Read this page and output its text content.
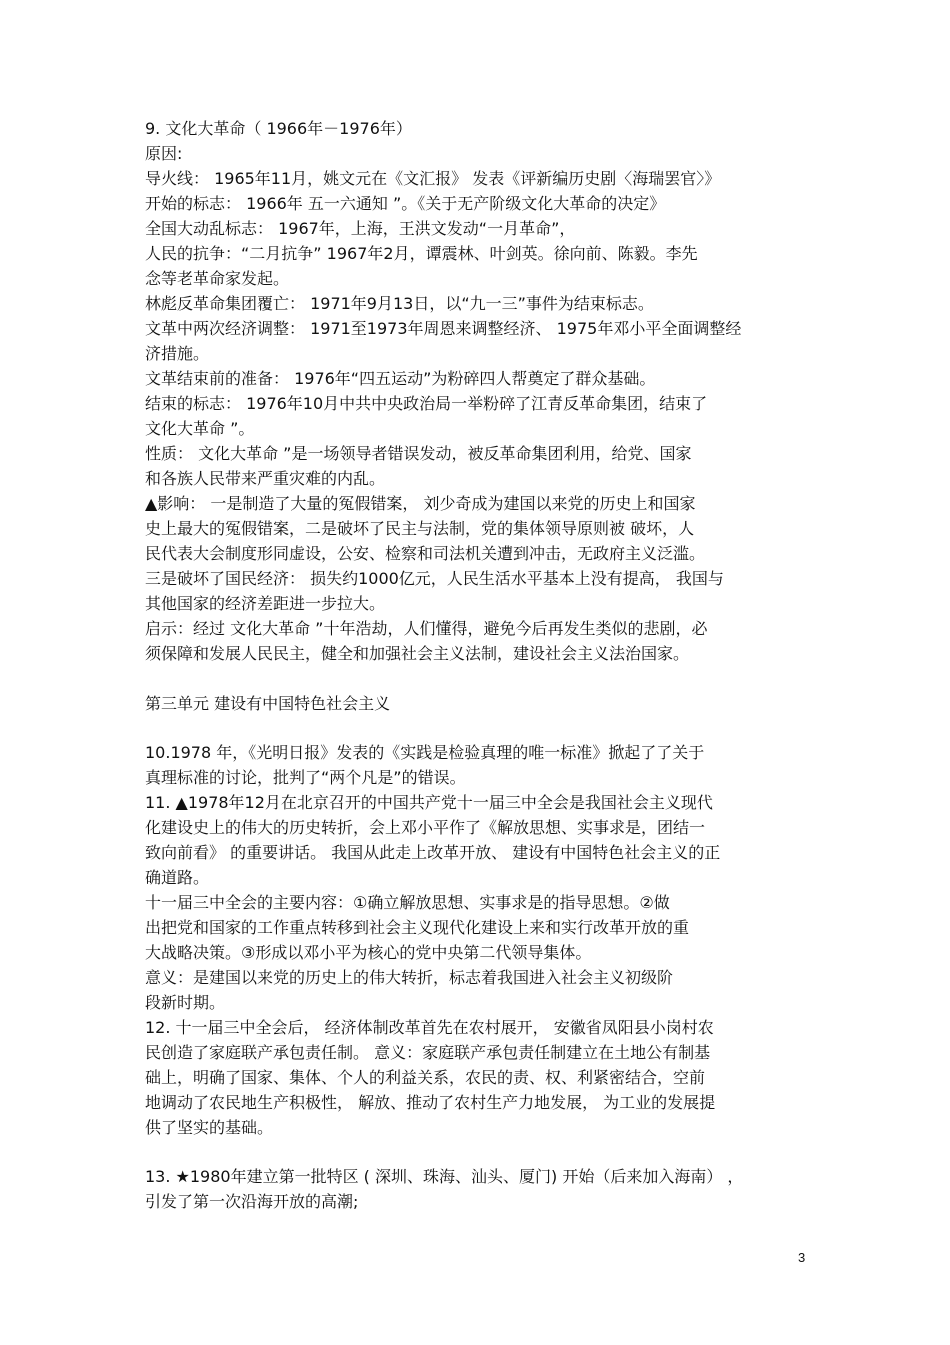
9. 文化大革命（ 1966年－1976年）
原因:
导火线： 1965年11月，姚文元在《文汇报》 发表《评新编历史剧〈海瑞罢官〉》
开始的标志： 1966年 五一六通知 ”。《关于无产阶级文化大革命的决定》
全国大动乱标志： 1967年，上海，王洪文发动“一月革命”，
人民的抗争：“二月抗争” 1967年2月，谭震林、叶剑英。徐向前、陈毅。李先
念等老革命家发起。
林彪反革命集团覆亡： 1971年9月13日，以“九一三”事件为结束标志。
文革中两次经济调整： 1971至1973年周恩来调整经济、 1975年邓小平全面调整经
济措施。
文革结束前的准备： 1976年“四五运动”为粉碎四人帮奠定了群众基础。
结束的标志： 1976年10月中共中央政治局一举粉碎了江青反革命集团，结束了
文化大革命 ”。
性质： 文化大革命 ”是一场领导者错误发动，被反革命集团利用，给党、国家
和各族人民带来严重灾难的内乱。
▲影响： 一是制造了大量的冤假错案， 刘少奇成为建国以来党的历史上和国家
史上最大的冤假错案，二是破坏了民主与法制，党的集体领导原则被 破坏，人
民代表大会制度形同虚设，公安、检察和司法机关遭到冲击，无政府主义泛滥。
三是破坏了国民经济： 损失约1000亿元，人民生活水平基本上没有提高， 我国与
其他国家的经济差距进一步拉大。
启示：经过 文化大革命 ”十年浩劫，人们懂得，避免今后再发生类似的悲剧，必
须保障和发展人民民主，健全和加强社会主义法制，建设社会主义法治国家。
第三单元 建设有中国特色社会主义
10.1978 年，《光明日报》发表的《实践是检验真理的唯一标准》掀起了了关于
真理标准的讨论，批判了“两个凡是”的错误。
11. ▲1978年12月在北京召开的中国共产党十一届三中全会是我国社会主义现代
化建设史上的伟大的历史转折，会上邓小平作了《解放思想、实事求是，团结一
致向前看》 的重要讲话。 我国从此走上改革开放、 建设有中国特色社会主义的正
确道路。
十一届三中全会的主要内容：①确立解放思想、实事求是的指导思想。②做
出把党和国家的工作重点转移到社会主义现代化建设上来和实行改革开放的重
大战略决策。③形成以邓小平为核心的党中央第二代领导集体。
意义：是建国以来党的历史上的伟大转折，标志着我国进入社会主义初级阶
段新时期。
12. 十一届三中全会后， 经济体制改革首先在农村展开， 安徽省凤阳县小岗村农
民创造了家庭联产承包责任制。 意义：家庭联产承包责任制建立在土地公有制基
础上，明确了国家、集体、个人的利益关系，农民的责、权、利紧密结合，空前
地调动了农民地生产积极性， 解放、推动了农村生产力地发展， 为工业的发展提
供了坚实的基础。
13. ★1980年建立第一批特区 ( 深圳、珠海、汕头、厦门) 开始（后来加入海南） ，
引发了第一次沿海开放的高潮;
3
